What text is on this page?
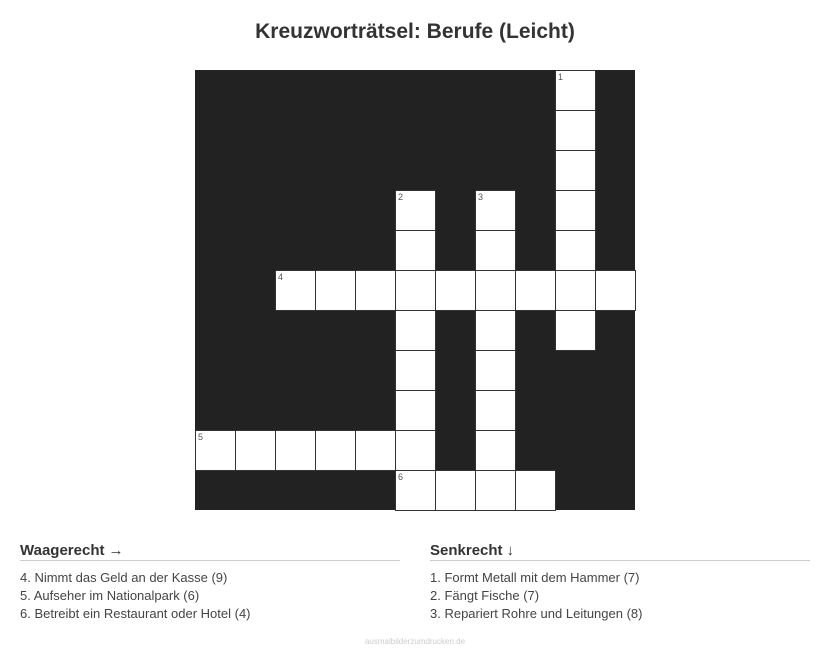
Kreuzworträtsel: Berufe (Leicht)
1
2	3
4
5
6
Waagerecht →
4. Nimmt das Geld an der Kasse (9)
5. Aufseher im Nationalpark (6)
6. Betreibt ein Restaurant oder Hotel (4)
Senkrecht ↓
1. Formt Metall mit dem Hammer (7)
2. Fängt Fische (7)
3. Repariert Rohre und Leitungen (8)
ausmalbilderzumdrucken.de
